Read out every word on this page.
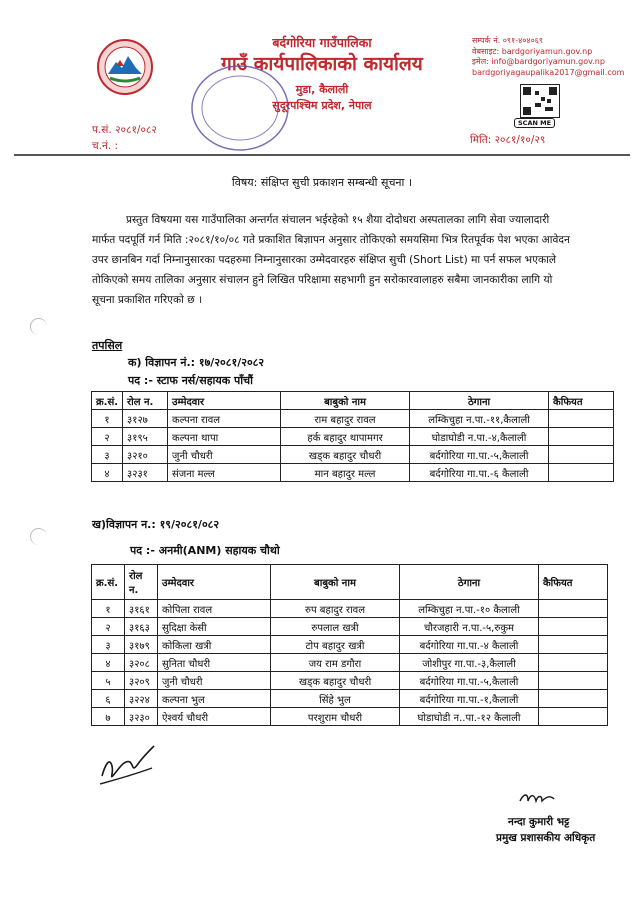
बर्दगोरिया गाउँपालिका
गाउँ कार्यपालिकाको कार्यालय
मुडा, कैलाली
सुदूरपश्चिम प्रदेश, नेपाल
सम्पर्क नं. ०९१-४०४०६९
वेबसाइट: bardgoriyamun.gov.np
इमेल: info@bardgoriyamun.gov.np
bardgoriyagaupalika2017@gmail.com
SCAN ME
प.सं. २०८१/०८२
च.नं. :	मिति: २०८१/१०/२९
विषय: संक्षिप्त सुची प्रकाशन सम्बन्धी सूचना ।
प्रस्तुत विषयमा यस गाउँपालिका अन्तर्गत संचालन भईरहेको १५ शैया दोदोधरा अस्पतालका लागि सेवा ज्यालादारी मार्फत पदपूर्ति गर्न मिति :२०८१/१०/०८ गते प्रकाशित बिज्ञापन अनुसार तोकिएको समयसिमा भित्र रितपूर्वक पेश भएका आवेदन उपर छानबिन गर्दा निम्नानुसारका पदहरुमा निम्नानुसारका उम्मेदवारहरु संक्षिप्त सुची (Short List) मा पर्न सफल भएकाले तोकिएको समय तालिका अनुसार संचालन हुने लिखित परिक्षामा सहभागी हुन सरोकारवालाहरु सबैमा जानकारीका लागि यो सूचना प्रकाशित गरिएको छ ।
तपसिल
क) विज्ञापन नं.: १७/२०८१/२०८२
पद :- स्टाफ नर्स/सहायक पाँचौं
क्र.सं.	रोल न.	उम्मेदवार	बाबुको नाम	ठेगाना	कैफियत
१	३१२७	कल्पना रावल	राम बहादुर रावल	लम्किचुहा न.पा.-११,कैलाली	
२	३१९५	कल्पना थापा	हर्क बहादुर थापामगर	घोडाघोडी न.पा.-४,कैलाली	
३	३२१०	जुनी चौधरी	खड्क बहादुर चौधरी	बर्दगोरिया गा.पा.-५,कैलाली	
४	३२३१	संजना मल्ल	मान बहादुर मल्ल	बर्दगोरिया गा.पा.-६ कैलाली	
ख)विज्ञापन न.: १९/२०८१/०८२
पद :- अनमी(ANM) सहायक चौथो
क्र.सं.	रोल न.	उम्मेदवार	बाबुको नाम	ठेगाना	कैफियत
१	३१६१	कोपिला रावल	रुप बहादुर रावल	लम्किचुहा न.पा.-१० कैलाली	
२	३१६३	सुदिक्षा केसी	रुपलाल खत्री	चौरजहारी न.पा.-५,रुकुम	
३	३१७९	कोकिला खत्री	टोप बहादुर खत्री	बर्दगोरिया गा.पा.-४ कैलाली	
४	३२०८	सुनिता चौधरी	जय राम डगौरा	जोशीपुर गा.पा.-३,कैलाली	
५	३२०९	जुनी चौधरी	खड्क बहादुर चौधरी	बर्दगोरिया गा.पा.-५,कैलाली	
६	३२२४	कल्पना भुल	सिंहे भुल	बर्दगोरिया गा.पा.-१,कैलाली	
७	३२३०	ऐश्वर्य चौधरी	परशुराम चौधरी	घोडाघोडी न..पा.-१२ कैलाली	
नन्दा कुमारी भट्ट
प्रमुख प्रशासकीय अधिकृत
